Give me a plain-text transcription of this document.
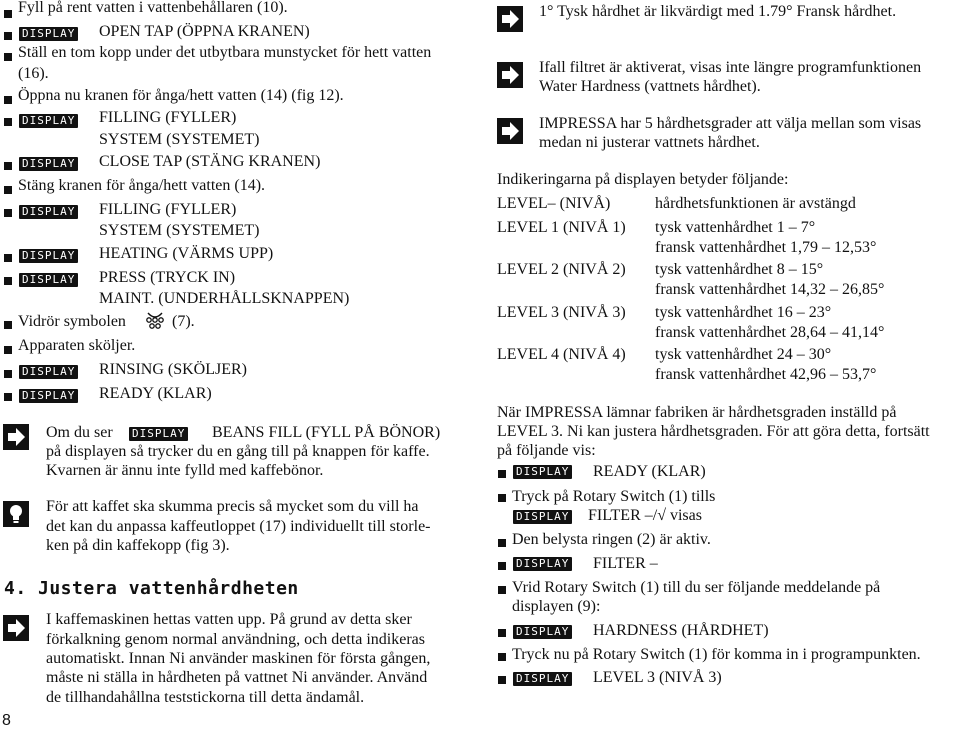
Fyll på rent vatten i vattenbehållaren (10).
DISPLAY OPEN TAP (ÖPPNA KRANEN)
Ställ en tom kopp under det utbytbara munstycket för hett vatten
(16).
Öppna nu kranen för ånga/hett vatten (14) (fig 12).
DISPLAY FILLING (FYLLER)
SYSTEM (SYSTEMET)
DISPLAY CLOSE TAP (STÄNG KRANEN)
Stäng kranen för ånga/hett vatten (14).
DISPLAY FILLING (FYLLER)
SYSTEM (SYSTEMET)
DISPLAY HEATING (VÄRMS UPP)
DISPLAY PRESS (TRYCK IN)
MAINT. (UNDERHÅLLSKNAPPEN)
Vidrör symbolen	(7).
Apparaten sköljer.
DISPLAY RINSING (SKÖLJER)
DISPLAY READY (KLAR)
Om du ser DISPLAY BEANS FILL (FYLL PÅ BÖNOR)
på displayen så trycker du en gång till på knappen för kaffe.
Kvarnen är ännu inte fylld med kaffebönor.
För att kaffet ska skumma precis så mycket som du vill ha
det kan du anpassa kaffeutloppet (17) individuellt till storle-
ken på din kaffekopp (fig 3).
4. Justera vattenhårdheten
I kaffemaskinen hettas vatten upp. På grund av detta sker
förkalkning genom normal användning, och detta indikeras
automatiskt. Innan Ni använder maskinen för första gången,
måste ni ställa in hårdheten på vattnet Ni använder. Använd
de tillhandahållna teststickorna till detta ändamål.
8
1° Tysk hårdhet är likvärdigt med 1.79° Fransk hårdhet.
Ifall filtret är aktiverat, visas inte längre programfunktionen
Water Hardness (vattnets hårdhet).
IMPRESSA har 5 hårdhetsgrader att välja mellan som visas
medan ni justerar vattnets hårdhet.
Indikeringarna på displayen betyder följande:
LEVEL– (NIVÅ)	hårdhetsfunktionen är avstängd
LEVEL 1 (NIVÅ 1) tysk vattenhårdhet 1 – 7°
fransk vattenhårdhet 1,79 – 12,53°
LEVEL 2 (NIVÅ 2) tysk vattenhårdhet 8 – 15°
fransk vattenhårdhet 14,32 – 26,85°
LEVEL 3 (NIVÅ 3) tysk vattenhårdhet 16 – 23°
fransk vattenhårdhet 28,64 – 41,14°
LEVEL 4 (NIVÅ 4) tysk vattenhårdhet 24 – 30°
fransk vattenhårdhet 42,96 – 53,7°
När IMPRESSA lämnar fabriken är hårdhetsgraden inställd på
LEVEL 3. Ni kan justera hårdhetsgraden. För att göra detta, fortsätt
på följande vis:
DISPLAY READY (KLAR)
Tryck på Rotary Switch (1) tills
DISPLAY FILTER –/√ visas
Den belysta ringen (2) är aktiv.
DISPLAY FILTER –
Vrid Rotary Switch (1) till du ser följande meddelande på
displayen (9):
DISPLAY HARDNESS (HÅRDHET)
Tryck nu på Rotary Switch (1) för komma in i programpunkten.
DISPLAY LEVEL 3 (NIVÅ 3)
